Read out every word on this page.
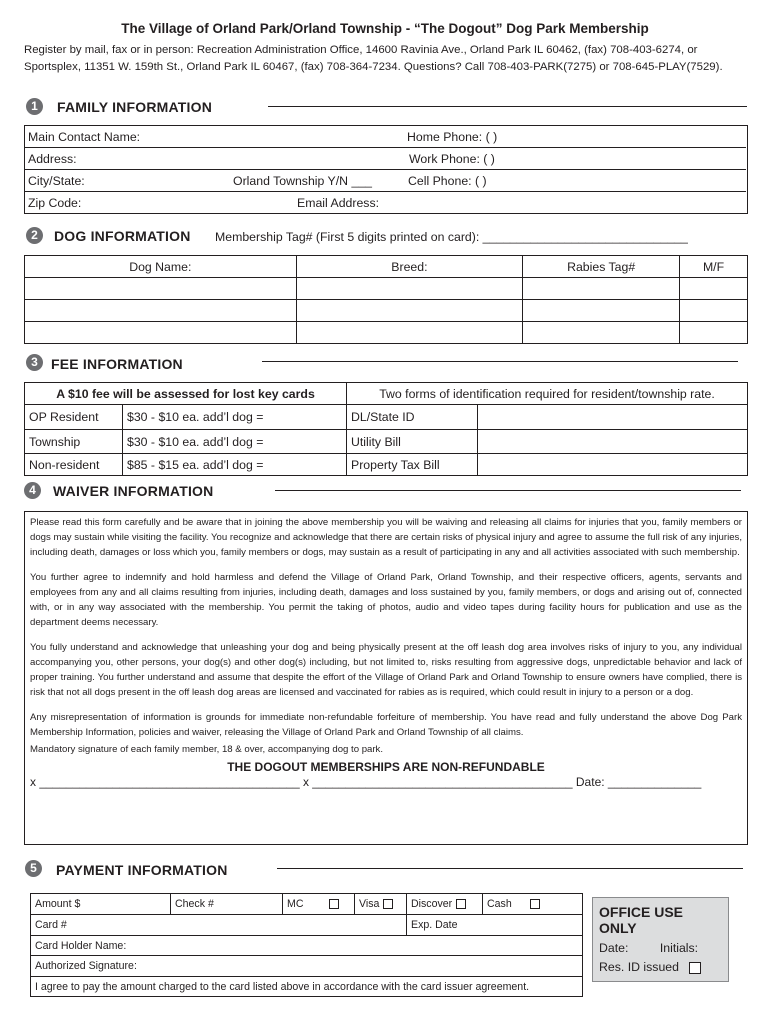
The Village of Orland Park/Orland Township - “The Dogout” Dog Park Membership
Register by mail, fax or in person: Recreation Administration Office, 14600 Ravinia Ave., Orland Park IL 60462, (fax) 708-403-6274, or Sportsplex, 11351 W. 159th St., Orland Park IL 60467, (fax) 708-364-7234. Questions? Call 708-403-PARK(7275) or 708-645-PLAY(7529).
1	FAMILY INFORMATION
Main Contact Name:	Home Phone: ( )
Address:	Work Phone: ( )
City/State:	Orland Township Y/N ___	Cell Phone: ( )
Zip Code:	Email Address:
2	DOG INFORMATION Membership Tag# (First 5 digits printed on card): ______________________________
Dog Name:	Breed:	Rabies Tag#	M/F

3 FEE INFORMATION
A $10 fee will be assessed for lost key cards		Two forms of identification required for resident/township rate.	
OP Resident	$30 - $10 ea. add’l dog =	DL/State ID	
Township	$30 - $10 ea. add’l dog =	Utility Bill	
Non-resident	$85 - $15 ea. add’l dog =	Property Tax Bill	
4	WAIVER INFORMATION

Please read this form carefully and be aware that in joining the above membership you will be waiving and releasing all claims for injuries that you, family members or dogs may sustain while visiting the facility. You recognize and acknowledge that there are certain risks of physical injury and agree to assume the full risk of any injuries, including death, damages or loss which you, family members or dogs, may sustain as a result of participating in any and all activities associated with such membership.

You further agree to indemnify and hold harmless and defend the Village of Orland Park, Orland Township, and their respective officers, agents, servants and employees from any and all claims resulting from injuries, including death, damages and loss sustained by you, family members, or dogs and arising out of, connected with, or in any way associated with the membership. You permit the taking of photos, audio and video tapes during facility hours for publication and use as the department deems necessary.

You fully understand and acknowledge that unleashing your dog and being physically present at the off leash dog area involves risks of injury to you, any individual accompanying you, other persons, your dog(s) and other dog(s) including, but not limited to, risks resulting from aggressive dogs, unpredictable behavior and lack of proper training. You further understand and assume that despite the effort of the Village of Orland Park and Orland Township to ensure owners have complied, there is risk that not all dogs present in the off leash dog areas are licensed and vaccinated for rabies as is required, which could result in injury to a person or a dog.

Any misrepresentation of information is grounds for immediate non-refundable forfeiture of membership. You have read and fully understand the above Dog Park Membership Information, policies and waiver, releasing the Village of Orland Park and Orland Township of all claims.

Mandatory signature of each family member, 18 & over, accompanying dog to park.

THE DOGOUT MEMBERSHIPS ARE NON-REFUNDABLE
x _______________________________________ x _______________________________________ Date: ______________
5	PAYMENT INFORMATION
Amount $	Check #	MC	Visa	Discover	Cash
Card #				Exp. Date	
Card Holder Name:					
Authorized Signature:					
I agree to pay the amount charged to the card listed above in accordance with the card issuer agreement.					
OFFICE USE ONLY
Date:	Initials:
Res. ID issued
